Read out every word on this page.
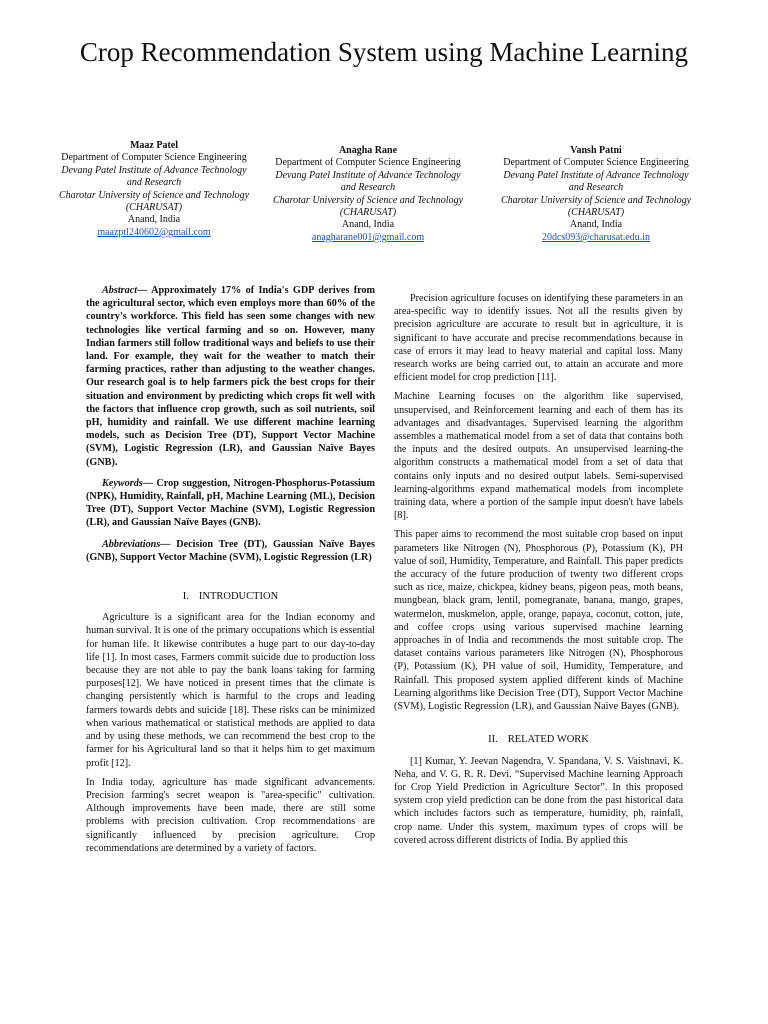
Crop Recommendation System using Machine Learning
Maaz Patel
Department of Computer Science Engineering
Devang Patel Institute of Advance Technology and Research
Charotar University of Science and Technology (CHARUSAT)
Anand, India
maazptl240602@gmail.com
Anagha Rane
Department of Computer Science Engineering
Devang Patel Institute of Advance Technology and Research
Charotar University of Science and Technology (CHARUSAT)
Anand, India
anagharane001@gmail.com
Vansh Patni
Department of Computer Science Engineering
Devang Patel Institute of Advance Technology and Research
Charotar University of Science and Technology (CHARUSAT)
Anand, India
20dcs093@charusat.edu.in

Abstract— Approximately 17% of India's GDP derives from the agricultural sector, which even employs more than 60% of the country's workforce. This field has seen some changes with new technologies like vertical farming and so on. However, many Indian farmers still follow traditional ways and beliefs to use their land. For example, they wait for the weather to match their farming practices, rather than adjusting to the weather changes. Our research goal is to help farmers pick the best crops for their situation and environment by predicting which crops fit well with the factors that influence crop growth, such as soil nutrients, soil pH, humidity and rainfall. We use different machine learning models, such as Decision Tree (DT), Support Vector Machine (SVM), Logistic Regression (LR), and Gaussian Naïve Bayes (GNB).

Keywords— Crop suggestion, Nitrogen-Phosphorus-Potassium (NPK), Humidity, Rainfall, pH, Machine Learning (ML), Decision Tree (DT), Support Vector Machine (SVM), Logistic Regression (LR), and Gaussian Naïve Bayes (GNB).

Abbreviations— Decision Tree (DT), Gaussian Naïve Bayes (GNB), Support Vector Machine (SVM), Logistic Regression (LR)

I. INTRODUCTION

Agriculture is a significant area for the Indian economy and human survival. It is one of the primary occupations which is essential for human life. It likewise contributes a huge part to our day-to-day life [1]. In most cases, Farmers commit suicide due to production loss because they are not able to pay the bank loans taking for farming purposes[12]. We have noticed in present times that the climate is changing persistently which is harmful to the crops and leading farmers towards debts and suicide [18]. These risks can be minimized when various mathematical or statistical methods are applied to data and by using these methods, we can recommend the best crop to the farmer for his Agricultural land so that it helps him to get maximum profit [12].

In India today, agriculture has made significant advancements. Precision farming's secret weapon is "area-specific" cultivation. Although improvements have been made, there are still some problems with precision cultivation. Crop recommendations are significantly influenced by precision agriculture. Crop recommendations are determined by a variety of factors.

Precision agriculture focuses on identifying these parameters in an area-specific way to identify issues. Not all the results given by precision agriculture are accurate to result but in agriculture, it is significant to have accurate and precise recommendations because in case of errors it may lead to heavy material and capital loss. Many research works are being carried out, to attain an accurate and more efficient model for crop prediction [11].

Machine Learning focuses on the algorithm like supervised, unsupervised, and Reinforcement learning and each of them has its advantages and disadvantages. Supervised learning the algorithm assembles a mathematical model from a set of data that contains both the inputs and the desired outputs. An unsupervised learning-the algorithm constructs a mathematical model from a set of data that contains only inputs and no desired output labels. Semi-supervised learning-algorithms expand mathematical models from incomplete training data, where a portion of the sample input doesn't have labels [8].

This paper aims to recommend the most suitable crop based on input parameters like Nitrogen (N), Phosphorous (P), Potassium (K), PH value of soil, Humidity, Temperature, and Rainfall. This paper predicts the accuracy of the future production of twenty two different crops such as rice, maize, chickpea, kidney beans, pigeon peas, moth beans, mungbean, black gram, lentil, pomegranate, banana, mango, grapes, watermelon, muskmelon, apple, orange, papaya, coconut, cotton, jute, and coffee crops using various supervised machine learning approaches in of India and recommends the most suitable crop. The dataset contains various parameters like Nitrogen (N), Phosphorous (P), Potassium (K), PH value of soil, Humidity, Temperature, and Rainfall. This proposed system applied different kinds of Machine Learning algorithms like Decision Tree (DT), Support Vector Machine (SVM), Logistic Regression (LR), and Gaussian Naïve Bayes (GNB).

II. RELATED WORK

[1] Kumar, Y. Jeevan Nagendra, V. Spandana, V. S. Vaishnavi, K. Neha, and V. G. R. R. Devi. “Supervised Machine learning Approach for Crop Yield Prediction in Agriculture Sector”. In this proposed system crop yield prediction can be done from the past historical data which includes factors such as temperature, humidity, ph, rainfall, crop name. Under this system, maximum types of crops will be covered across different districts of India. By applied this
